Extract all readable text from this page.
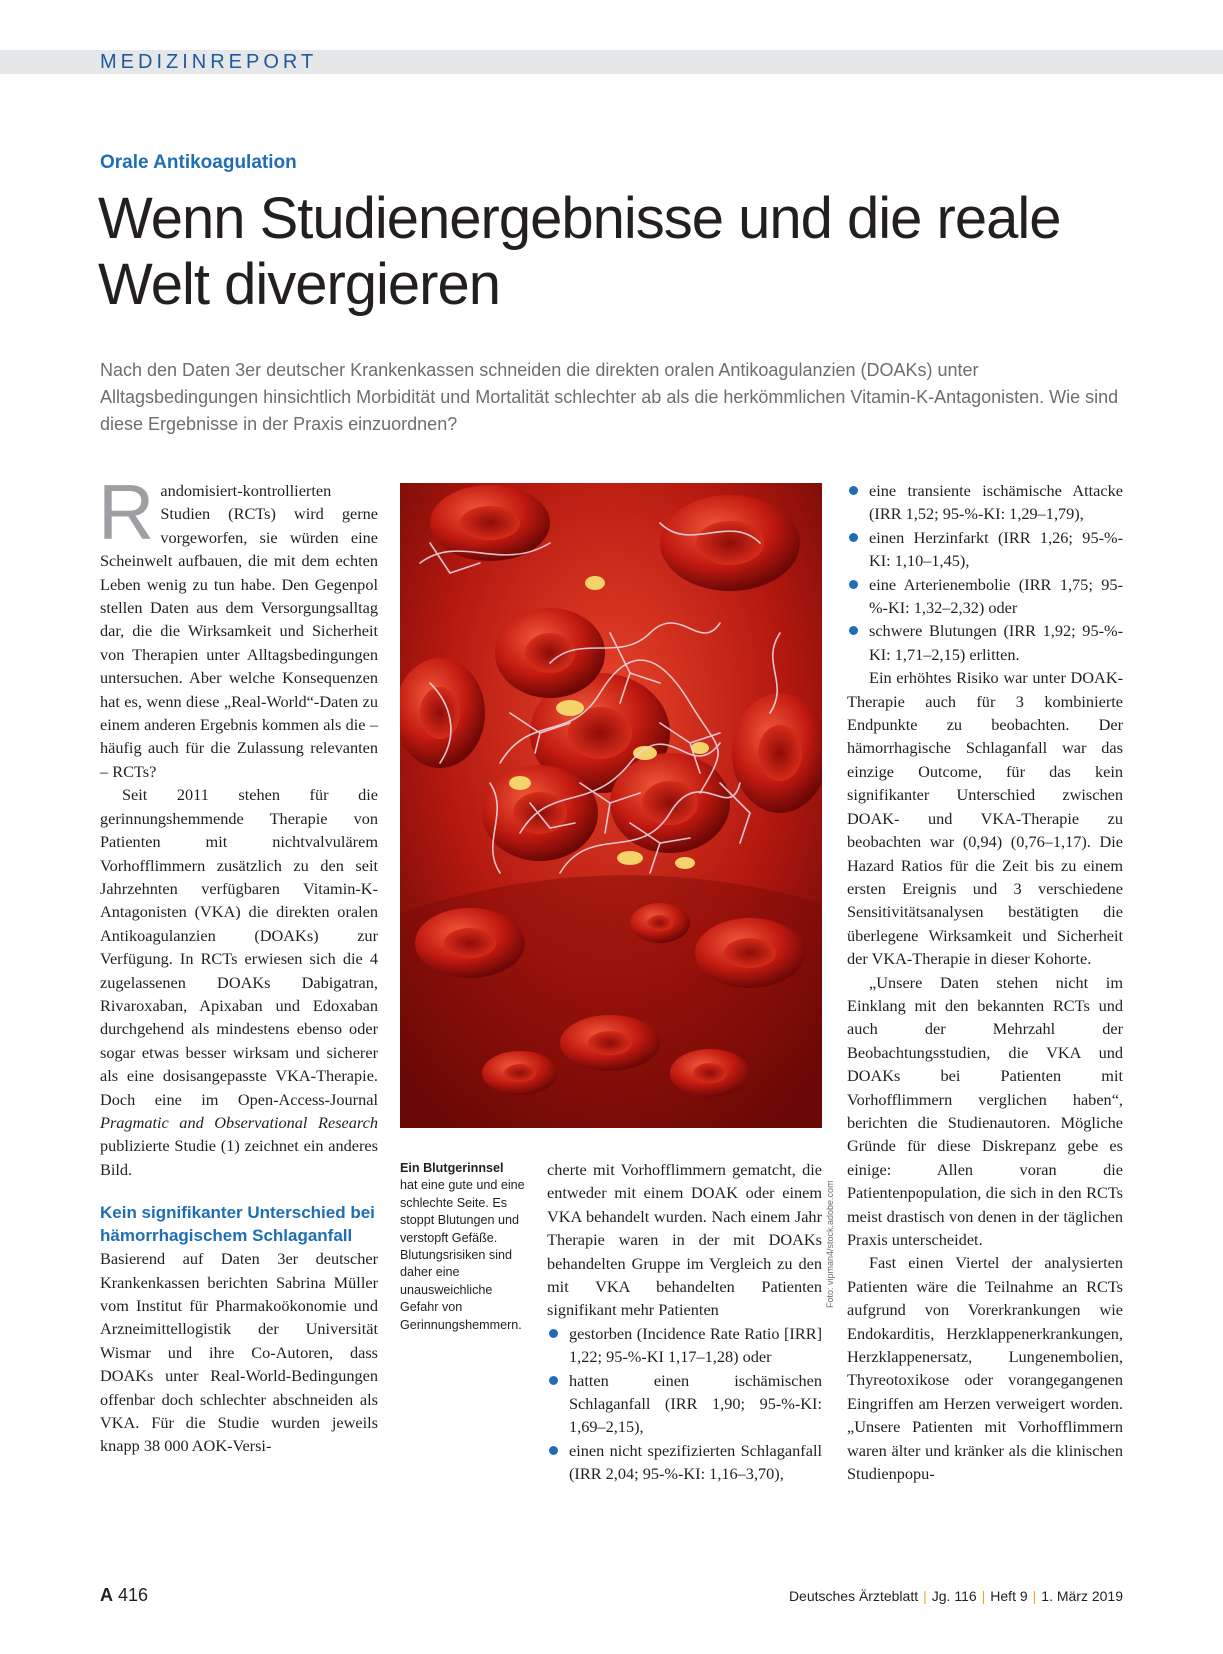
MEDIZINREPORT
Orale Antikoagulation
Wenn Studienergebnisse und die reale Welt divergieren

Nach den Daten 3er deutscher Krankenkassen schneiden die direkten oralen Antikoagulanzien (DOAKs) unter Alltagsbedingungen hinsichtlich Morbidität und Mortalität schlechter ab als die herkömmlichen Vitamin-K-Antagonisten. Wie sind diese Ergebnisse in der Praxis einzuordnen?

Randomisiert-kontrollierten Studien (RCTs) wird gerne vorgeworfen, sie würden eine Scheinwelt aufbauen, die mit dem echten Leben wenig zu tun habe. Den Gegenpol stellen Daten aus dem Versorgungsalltag dar, die die Wirksamkeit und Sicherheit von Therapien unter Alltagsbedingungen untersuchen. Aber welche Konsequenzen hat es, wenn diese „Real-World“-Daten zu einem anderen Ergebnis kommen als die – häufig auch für die Zulassung relevanten – RCTs?

Seit 2011 stehen für die gerinnungshemmende Therapie von Patienten mit nichtvalvulärem Vorhofflimmern zusätzlich zu den seit Jahrzehnten verfügbaren Vitamin-K-Antagonisten (VKA) die direkten oralen Antikoagulanzien (DOAKs) zur Verfügung. In RCTs erwiesen sich die 4 zugelassenen DOAKs Dabigatran, Rivaroxaban, Apixaban und Edoxaban durchgehend als mindestens ebenso oder sogar etwas besser wirksam und sicherer als eine dosisangepasste VKA-Therapie. Doch eine im Open-Access-Journal Pragmatic and Observational Research publizierte Studie (1) zeichnet ein anderes Bild.

Kein signifikanter Unterschied bei hämorrhagischem Schlaganfall

Basierend auf Daten 3er deutscher Krankenkassen berichten Sabrina Müller vom Institut für Pharmakoökonomie und Arzneimittellogistik der Universität Wismar und ihre Co-Autoren, dass DOAKs unter Real-World-Bedingungen offenbar doch schlechter abschneiden als VKA. Für die Studie wurden jeweils knapp 38 000 AOK-Versi-

Foto: vipman4/stock.adobe.com
Ein Blutgerinnsel
hat eine gute und eine schlechte Seite. Es stoppt Blutungen und verstopft Gefäße. Blutungsrisiken sind daher eine unausweichliche Gefahr von Gerinnungshemmern.

cherte mit Vorhofflimmern gematcht, die entweder mit einem DOAK oder einem VKA behandelt wurden. Nach einem Jahr Therapie waren in der mit DOAKs behandelten Gruppe im Vergleich zu den mit VKA behandelten Patienten signifikant mehr Patienten

gestorben (Incidence Rate Ratio [IRR] 1,22; 95-%-KI 1,17–1,28) oder
hatten einen ischämischen Schlaganfall (IRR 1,90; 95-%-KI: 1,69–2,15),
einen nicht spezifizierten Schlaganfall (IRR 2,04; 95-%-KI: 1,16–3,70),
eine transiente ischämische Attacke (IRR 1,52; 95-%-KI: 1,29–1,79),
einen Herzinfarkt (IRR 1,26; 95-%-KI: 1,10–1,45),
eine Arterienembolie (IRR 1,75; 95-%-KI: 1,32–2,32) oder
schwere Blutungen (IRR 1,92; 95-%-KI: 1,71–2,15) erlitten.

Ein erhöhtes Risiko war unter DOAK-Therapie auch für 3 kombinierte Endpunkte zu beobachten. Der hämorrhagische Schlaganfall war das einzige Outcome, für das kein signifikanter Unterschied zwischen DOAK- und VKA-Therapie zu beobachten war (0,94) (0,76–1,17). Die Hazard Ratios für die Zeit bis zu einem ersten Ereignis und 3 verschiedene Sensitivitätsanalysen bestätigten die überlegene Wirksamkeit und Sicherheit der VKA-Therapie in dieser Kohorte.

„Unsere Daten stehen nicht im Einklang mit den bekannten RCTs und auch der Mehrzahl der Beobachtungsstudien, die VKA und DOAKs bei Patienten mit Vorhofflimmern verglichen haben“, berichten die Studienautoren. Mögliche Gründe für diese Diskrepanz gebe es einige: Allen voran die Patientenpopulation, die sich in den RCTs meist drastisch von denen in der täglichen Praxis unterscheidet.

Fast einen Viertel der analysierten Patienten wäre die Teilnahme an RCTs aufgrund von Vorerkrankungen wie Endokarditis, Herzklappenerkrankungen, Herzklappenersatz, Lungenembolien, Thyreotoxikose oder vorangegangenen Eingriffen am Herzen verweigert worden. „Unsere Patienten mit Vorhofflimmern waren älter und kränker als die klinischen Studienpopu-

A 416	Deutsches Ärzteblatt | Jg. 116 | Heft 9 | 1. März 2019
